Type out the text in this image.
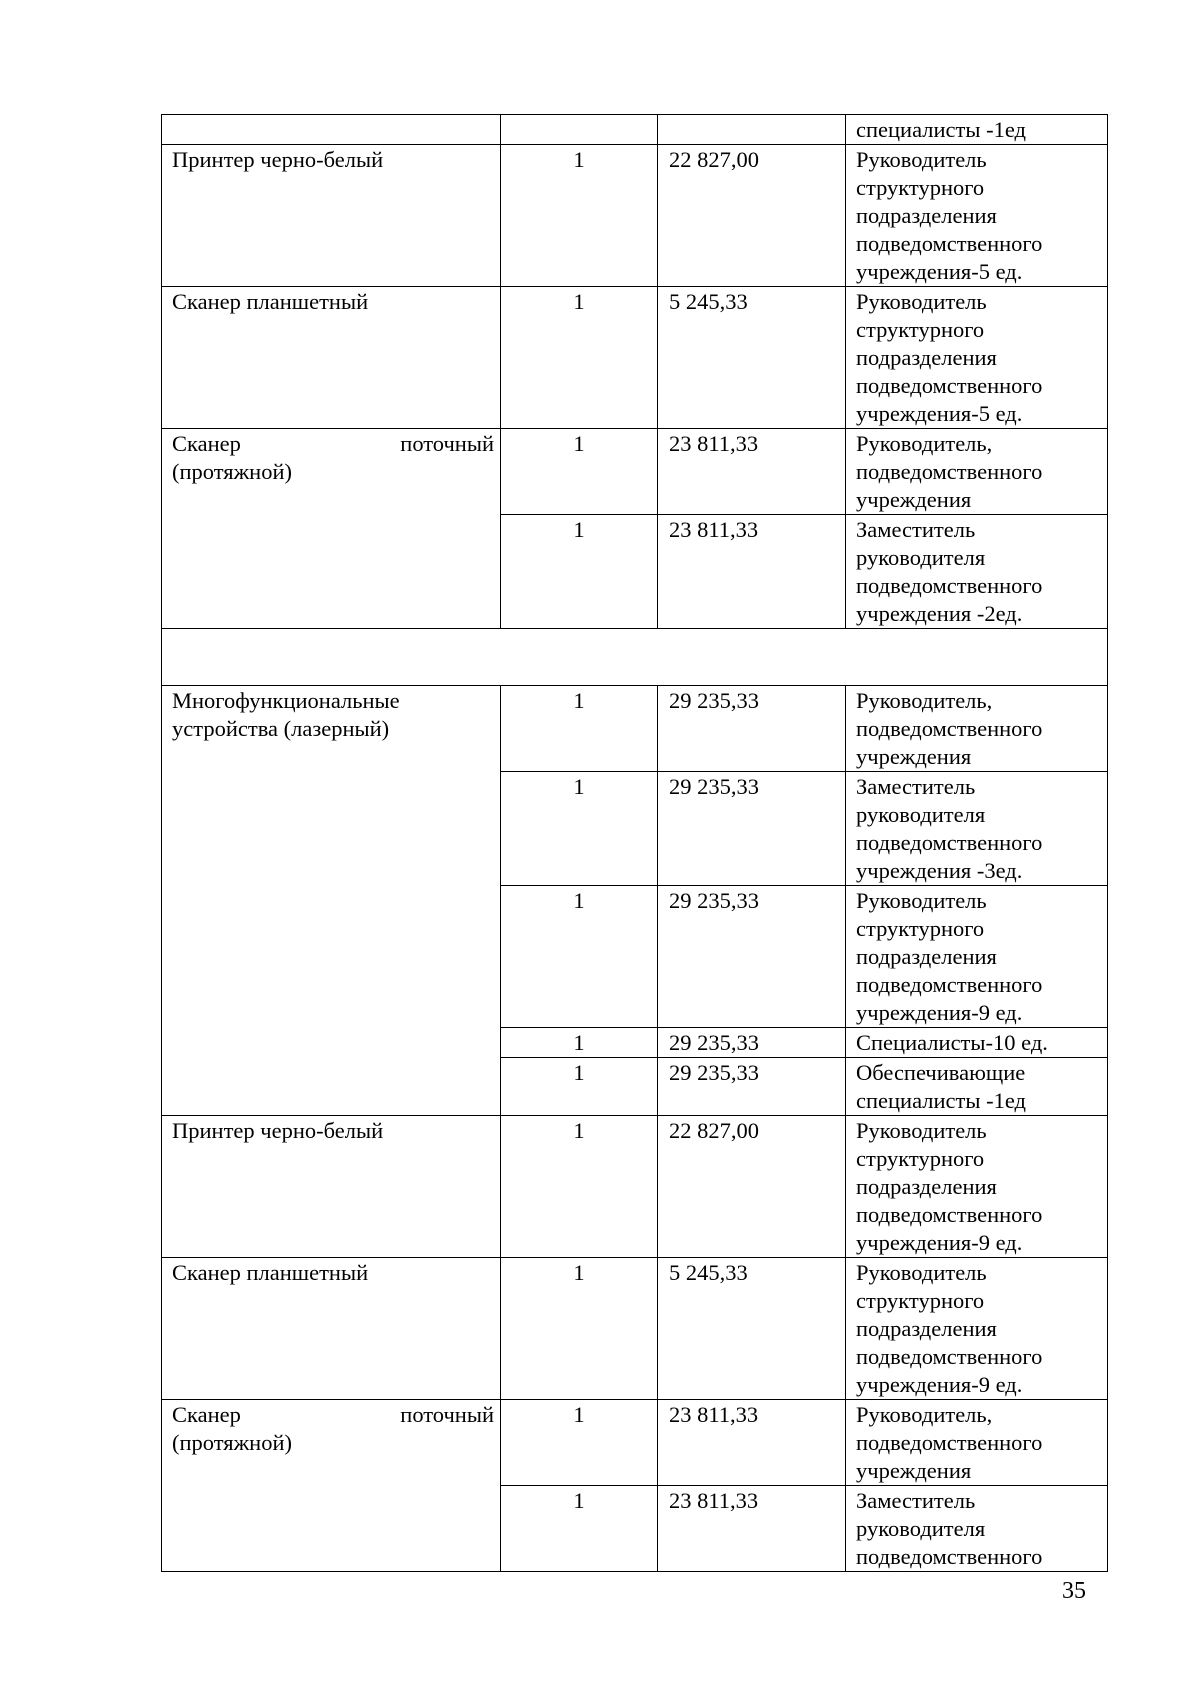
			специалисты -1ед
Принтер черно-белый	1	22 827,00	Руководитель
структурного
подразделения
подведомственного
учреждения-5 ед.
Сканер планшетный	1	5 245,33	Руководитель
структурного
подразделения
подведомственного
учреждения-5 ед.

Сканер поточный
(протяжной)	1	23 811,33	Руководитель,
подведомственного
учреждения
	1	23 811,33	Заместитель
руководителя
подведомственного
учреждения -2ед.

Многофункциональные
устройства (лазерный)	1	29 235,33	Руководитель,
подведомственного
учреждения
	1	29 235,33	Заместитель
руководителя
подведомственного
учреждения -3ед.
	1	29 235,33	Руководитель
структурного
подразделения
подведомственного
учреждения-9 ед.
	1	29 235,33	Специалисты-10 ед.
	1	29 235,33	Обеспечивающие
специалисты -1ед
Принтер черно-белый	1	22 827,00	Руководитель
структурного
подразделения
подведомственного
учреждения-9 ед.
Сканер планшетный	1	5 245,33	Руководитель
структурного
подразделения
подведомственного
учреждения-9 ед.

Сканер поточный
(протяжной)	1	23 811,33	Руководитель,
подведомственного
учреждения
	1	23 811,33	Заместитель
руководителя
подведомственного
35
